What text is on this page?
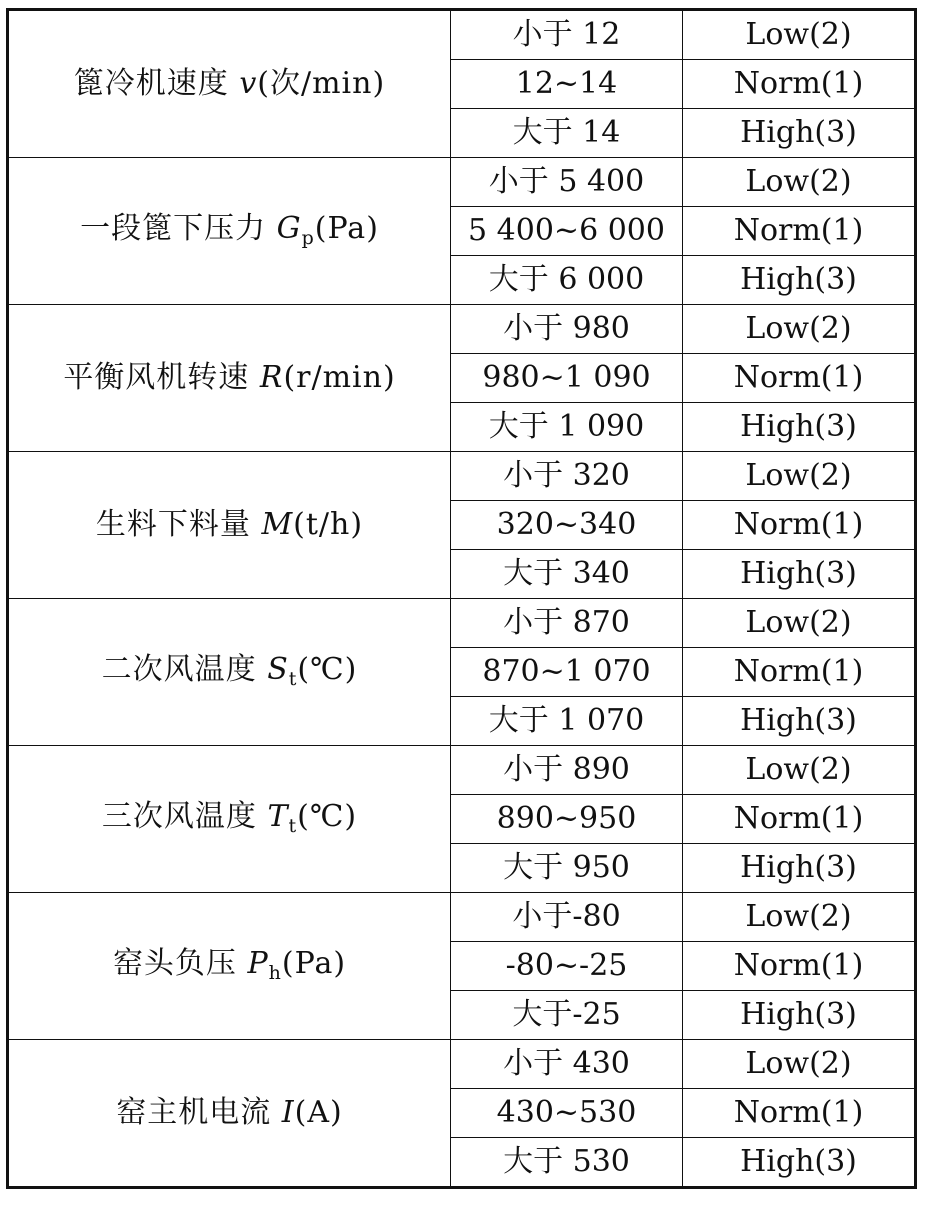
篦冷机速度 v(次/min)	小于 12	Low(2)
	12~14	Norm(1)
	大于 14	High(3)
一段篦下压力 $G_p(Pa)$	小于 5 400	Low(2)
	5 400~6 000	Norm(1)
	大于 6 000	High(3)
平衡风机转速 R(r/min)	小于 980	Low(2)
	980~1 090	Norm(1)
	大于 1 090	High(3)
生料下料量 M(t/h)	小于 320	Low(2)
	320~340	Norm(1)
	大于 340	High(3)
二次风温度 $S_t(℃)$	小于 870	Low(2)
	870~1 070	Norm(1)
	大于 1 070	High(3)
三次风温度 $T_t(℃)$	小于 890	Low(2)
	890~950	Norm(1)
	大于 950	High(3)
窑头负压 $P_h(Pa)$	小于-80	Low(2)
	-80~-25	Norm(1)
	大于-25	High(3)
窑主机电流 I(A)	小于 430	Low(2)
	430~530	Norm(1)
	大于 530	High(3)
